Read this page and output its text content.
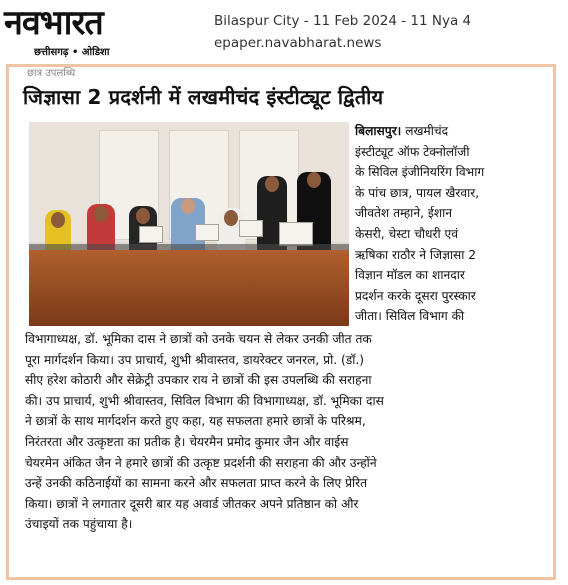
नवभारत
छत्तीसगढ़ • ओडिशा
Bilaspur City - 11 Feb 2024 - 11 Nya 4
epaper.navabharat.news
छात्र उपलब्धि
जिज्ञासा 2 प्रदर्शनी में लखमीचंद इंस्टीट्यूट द्वितीय
बिलासपुर। लखमीचंद
इंस्टीट्यूट ऑफ टेक्नोलॉजी
के सिविल इंजीनियरिंग विभाग
के पांच छात्र, पायल खैरवार,
जीवतेश तम्हाने, ईशान
केसरी, चेस्टा चौधरी एवं
ऋषिका राठौर ने जिज्ञासा 2
विज्ञान मॉडल का शानदार
प्रदर्शन करके दूसरा पुरस्कार
जीता। सिविल विभाग की
विभागाध्यक्ष, डॉ. भूमिका दास ने छात्रों को उनके चयन से लेकर उनकी जीत तक
पूरा मार्गदर्शन किया। उप प्राचार्य, शुभी श्रीवास्तव, डायरेक्टर जनरल, प्रो. (डॉ.)
सीए हरेश कोठारी और सेक्रेट्री उपकार राय ने छात्रों की इस उपलब्धि की सराहना
की। उप प्राचार्य, शुभी श्रीवास्तव, सिविल विभाग की विभागाध्यक्ष, डॉ. भूमिका दास
ने छात्रों के साथ मार्गदर्शन करते हुए कहा, यह सफलता हमारे छात्रों के परिश्रम,
निरंतरता और उत्कृष्टता का प्रतीक है। चेयरमैन प्रमोद कुमार जैन और वाईस
चेयरमेन अंकित जैन ने हमारे छात्रों की उत्कृष्ट प्रदर्शनी की सराहना की और उन्होंने
उन्हें उनकी कठिनाईयों का सामना करने और सफलता प्राप्त करने के लिए प्रेरित
किया। छात्रों ने लगातार दूसरी बार यह अवार्ड जीतकर अपने प्रतिष्ठान को और
उंचाइयों तक पहुंचाया है।
